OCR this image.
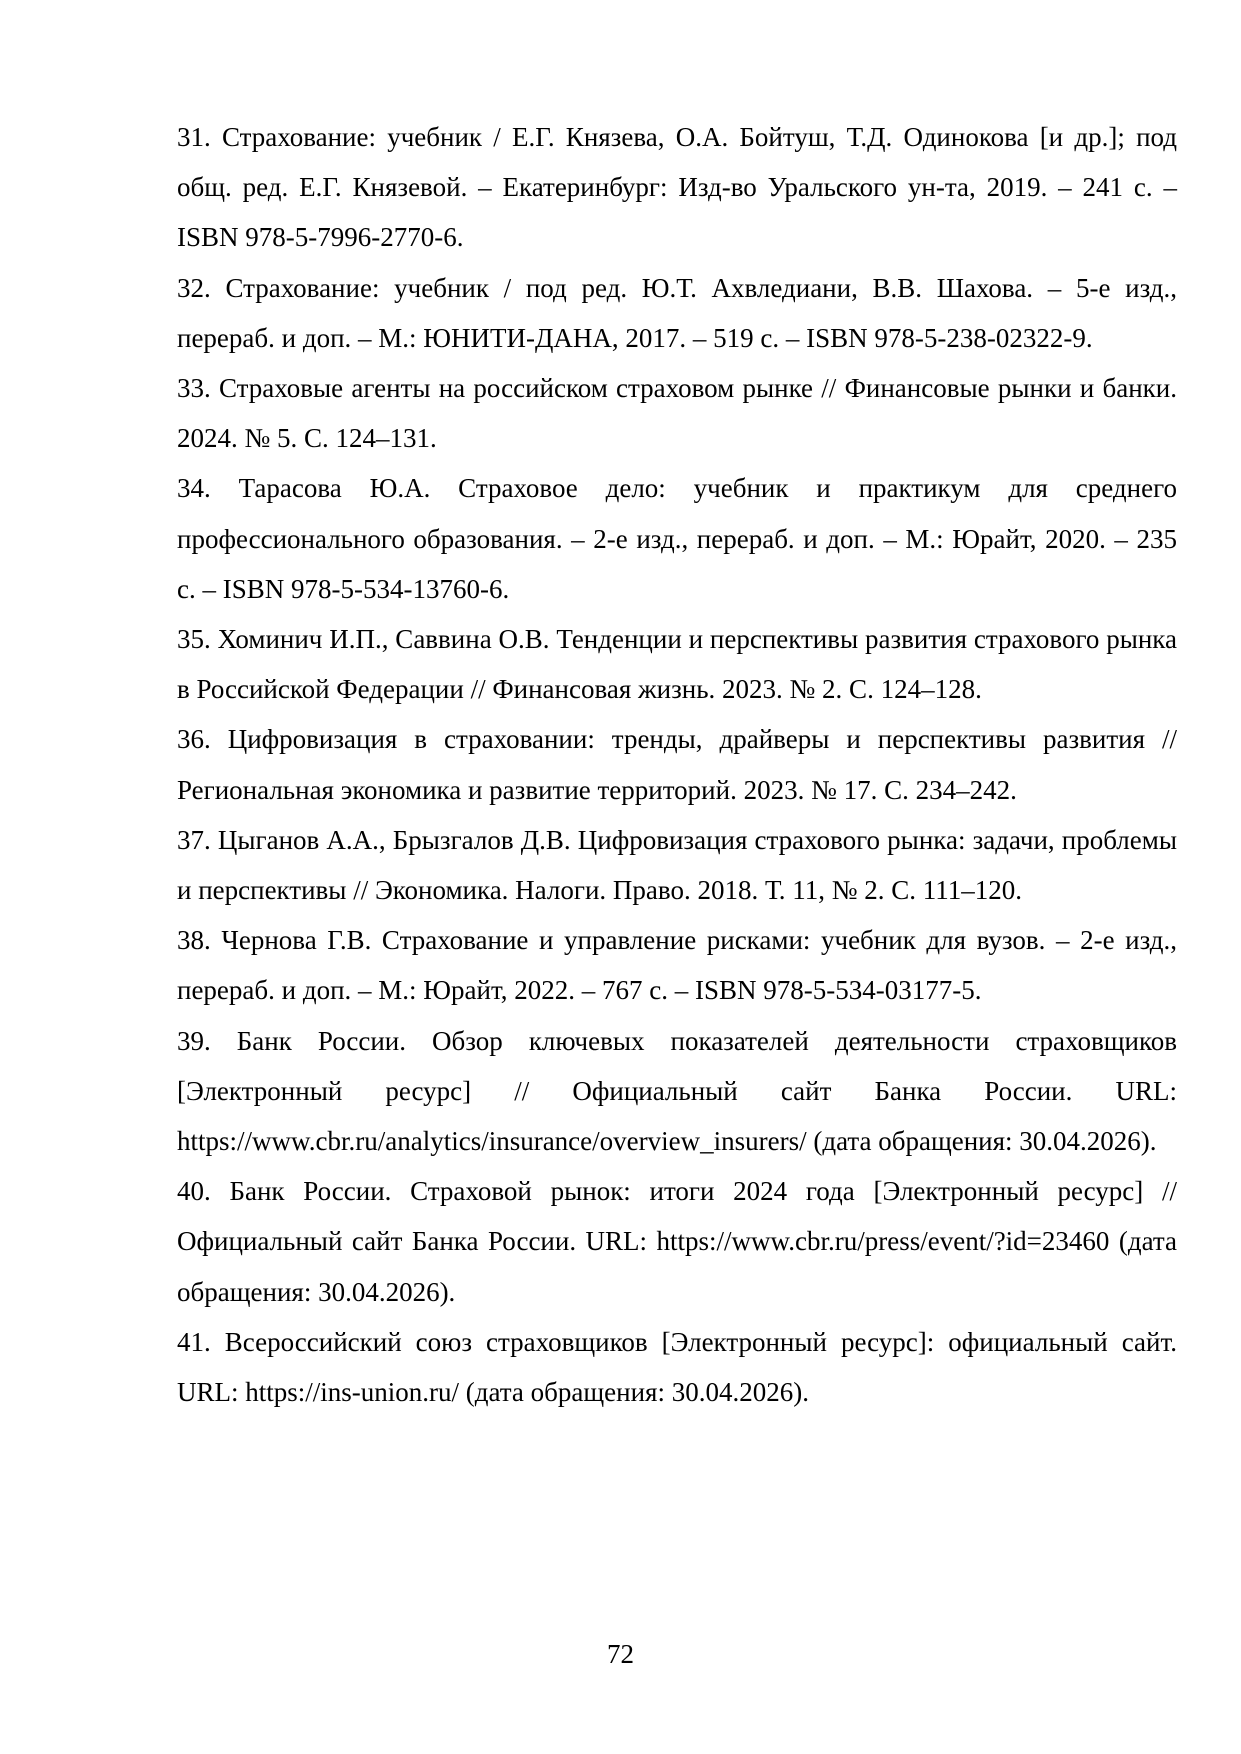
31. Страхование: учебник / Е.Г. Князева, О.А. Бойтуш, Т.Д. Одинокова [и др.]; под общ. ред. Е.Г. Князевой. – Екатеринбург: Изд-во Уральского ун-та, 2019. – 241 с. – ISBN 978-5-7996-2770-6.
32. Страхование: учебник / под ред. Ю.Т. Ахвледиани, В.В. Шахова. – 5-е изд., перераб. и доп. – М.: ЮНИТИ-ДАНА, 2017. – 519 с. – ISBN 978-5-238-02322-9.
33. Страховые агенты на российском страховом рынке // Финансовые рынки и банки. 2024. № 5. С. 124–131.
34. Тарасова Ю.А. Страховое дело: учебник и практикум для среднего профессионального образования. – 2-е изд., перераб. и доп. – М.: Юрайт, 2020. – 235 с. – ISBN 978-5-534-13760-6.
35. Хоминич И.П., Саввина О.В. Тенденции и перспективы развития страхового рынка в Российской Федерации // Финансовая жизнь. 2023. № 2. С. 124–128.
36. Цифровизация в страховании: тренды, драйверы и перспективы развития // Региональная экономика и развитие территорий. 2023. № 17. С. 234–242.
37. Цыганов А.А., Брызгалов Д.В. Цифровизация страхового рынка: задачи, проблемы и перспективы // Экономика. Налоги. Право. 2018. Т. 11, № 2. С. 111–120.
38. Чернова Г.В. Страхование и управление рисками: учебник для вузов. – 2-е изд., перераб. и доп. – М.: Юрайт, 2022. – 767 с. – ISBN 978-5-534-03177-5.
39. Банк России. Обзор ключевых показателей деятельности страховщиков [Электронный ресурс] // Официальный сайт Банка России. URL: https://www.cbr.ru/analytics/insurance/overview_insurers/ (дата обращения: 30.04.2026).
40. Банк России. Страховой рынок: итоги 2024 года [Электронный ресурс] // Официальный сайт Банка России. URL: https://www.cbr.ru/press/event/?id=23460 (дата обращения: 30.04.2026).
41. Всероссийский союз страховщиков [Электронный ресурс]: официальный сайт. URL: https://ins-union.ru/ (дата обращения: 30.04.2026).
72
